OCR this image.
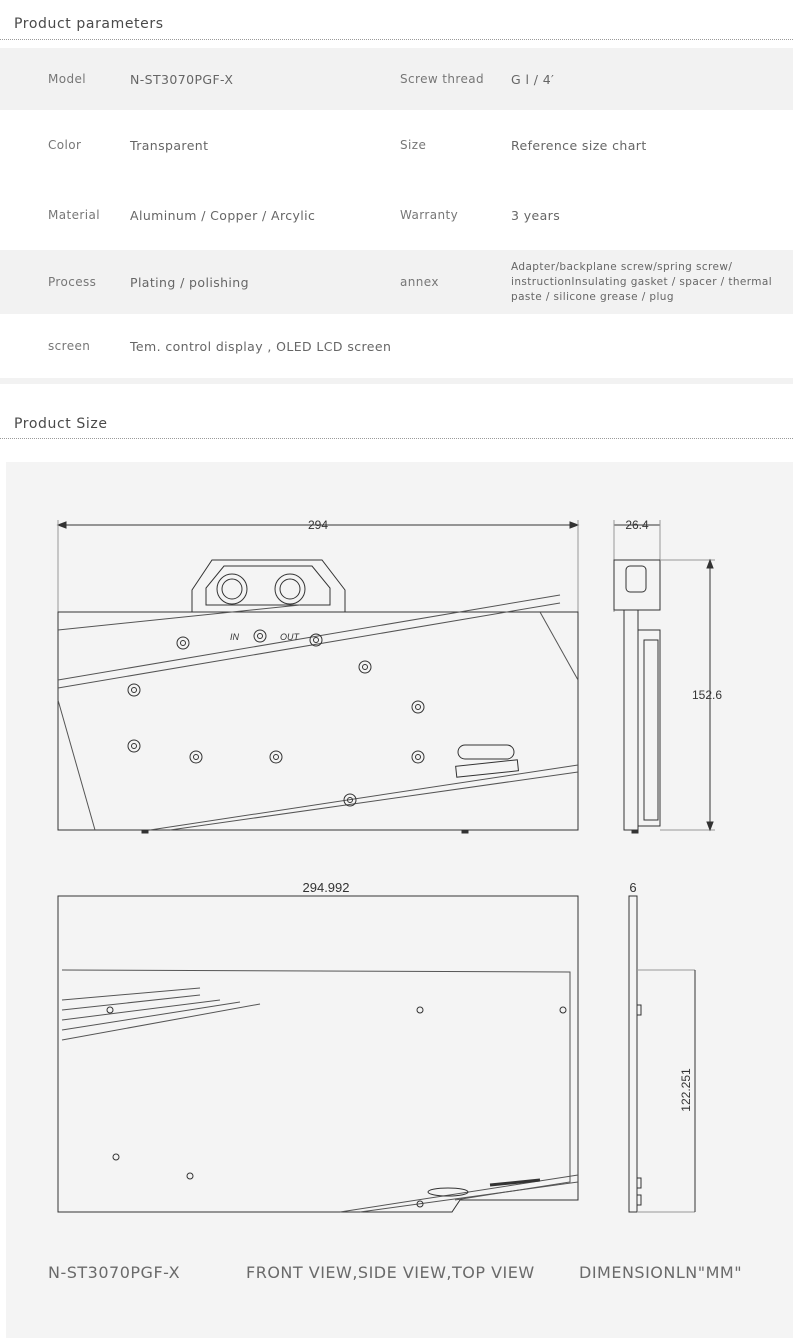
Product parameters
Model	N-ST3070PGF-X	Screw thread G l / 4′
Color	Transparent	Size	Reference size chart
Material Aluminum / Copper / Arcylic	Warranty	3 years
Process	Plating / polishing	annex
Adapter/backplane screw/spring screw/ instructionInsulating gasket / spacer / thermal paste / silicone grease / plug
screen	Tem. control display , OLED LCD screen
Product Size
294	26.4
152.6
294.992	6
122.251
IN	OUT
N-ST3070PGF-X	FRONT VIEW,SIDE VIEW,TOP VIEW	DIMENSIONLN"MM"
